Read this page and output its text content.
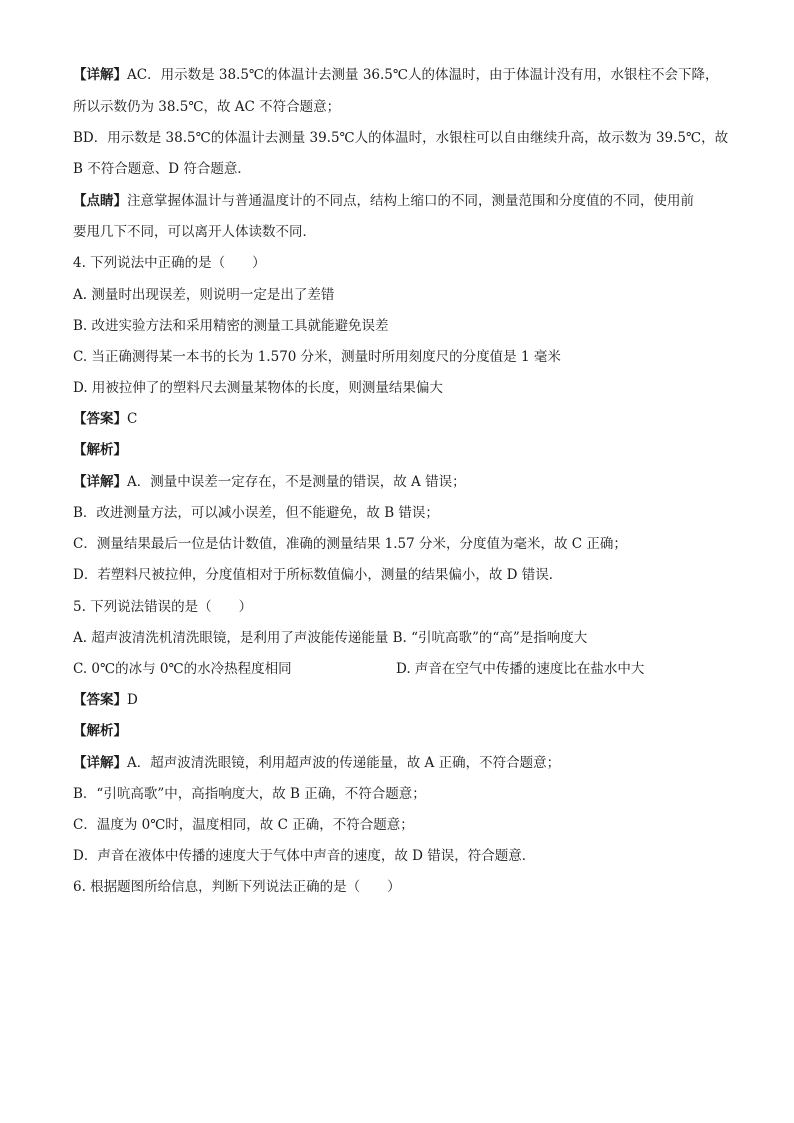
【详解】AC．用示数是 38.5℃的体温计去测量 36.5℃人的体温时，由于体温计没有用，水银柱不会下降，
所以示数仍为 38.5℃，故 AC 不符合题意；
BD．用示数是 38.5℃的体温计去测量 39.5℃人的体温时，水银柱可以自由继续升高，故示数为 39.5℃，故
B 不符合题意、D 符合题意．
【点睛】注意掌握体温计与普通温度计的不同点，结构上缩口的不同，测量范围和分度值的不同，使用前
要甩几下不同，可以离开人体读数不同．
4. 下列说法中正确的是（　　）
A. 测量时出现误差，则说明一定是出了差错
B. 改进实验方法和采用精密的测量工具就能避免误差
C. 当正确测得某一本书的长为 1.570 分米，测量时所用刻度尺的分度值是 1 毫米
D. 用被拉伸了的塑料尺去测量某物体的长度，则测量结果偏大
【答案】C
【解析】
【详解】A．测量中误差一定存在，不是测量的错误，故 A 错误；
B．改进测量方法，可以减小误差，但不能避免，故 B 错误；
C．测量结果最后一位是估计数值，准确的测量结果 1.57 分米，分度值为毫米，故 C 正确；
D．若塑料尺被拉伸，分度值相对于所标数值偏小，测量的结果偏小，故 D 错误．
5. 下列说法错误的是（　　）
A. 超声波清洗机清洗眼镜，是利用了声波能传递能量 B. “引吭高歌”的“高”是指响度大
C. 0℃的冰与 0℃的水冷热程度相同	D. 声音在空气中传播的速度比在盐水中大
【答案】D
【解析】
【详解】A．超声波清洗眼镜，利用超声波的传递能量，故 A 正确，不符合题意；
B．“引吭高歌”中，高指响度大，故 B 正确，不符合题意；
C．温度为 0℃时，温度相同，故 C 正确，不符合题意；
D．声音在液体中传播的速度大于气体中声音的速度，故 D 错误，符合题意．
6. 根据题图所给信息，判断下列说法正确的是（　　）
